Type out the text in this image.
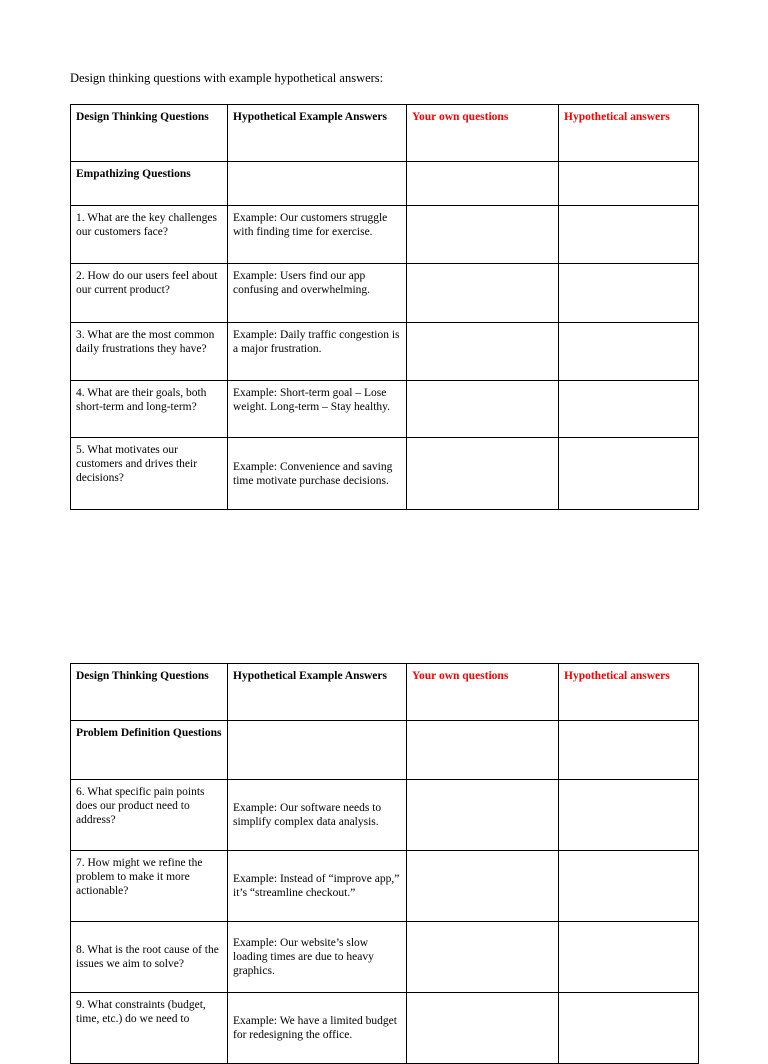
Design thinking questions with example hypothetical answers:
Design Thinking Questions	Hypothetical Example Answers	Your own questions	Hypothetical answers
Empathizing Questions			
1. What are the key challenges our customers face?	Example: Our customers struggle with finding time for exercise.		
2. How do our users feel about our current product?	Example: Users find our app confusing and overwhelming.		
3. What are the most common daily frustrations they have?	Example: Daily traffic congestion is a major frustration.		
4. What are their goals, both short-term and long-term?	Example: Short-term goal – Lose weight. Long-term – Stay healthy.		
5. What motivates our customers and drives their decisions?	Example: Convenience and saving time motivate purchase decisions.		
Design Thinking Questions	Hypothetical Example Answers	Your own questions	Hypothetical answers
Problem Definition Questions			
6. What specific pain points does our product need to address?	Example: Our software needs to simplify complex data analysis.		
7. How might we refine the problem to make it more actionable?	Example: Instead of “improve app,” it’s “streamline checkout.”		
8. What is the root cause of the issues we aim to solve?	Example: Our website’s slow loading times are due to heavy graphics.		
9. What constraints (budget, time, etc.) do we need to	Example: We have a limited budget for redesigning the office.		
